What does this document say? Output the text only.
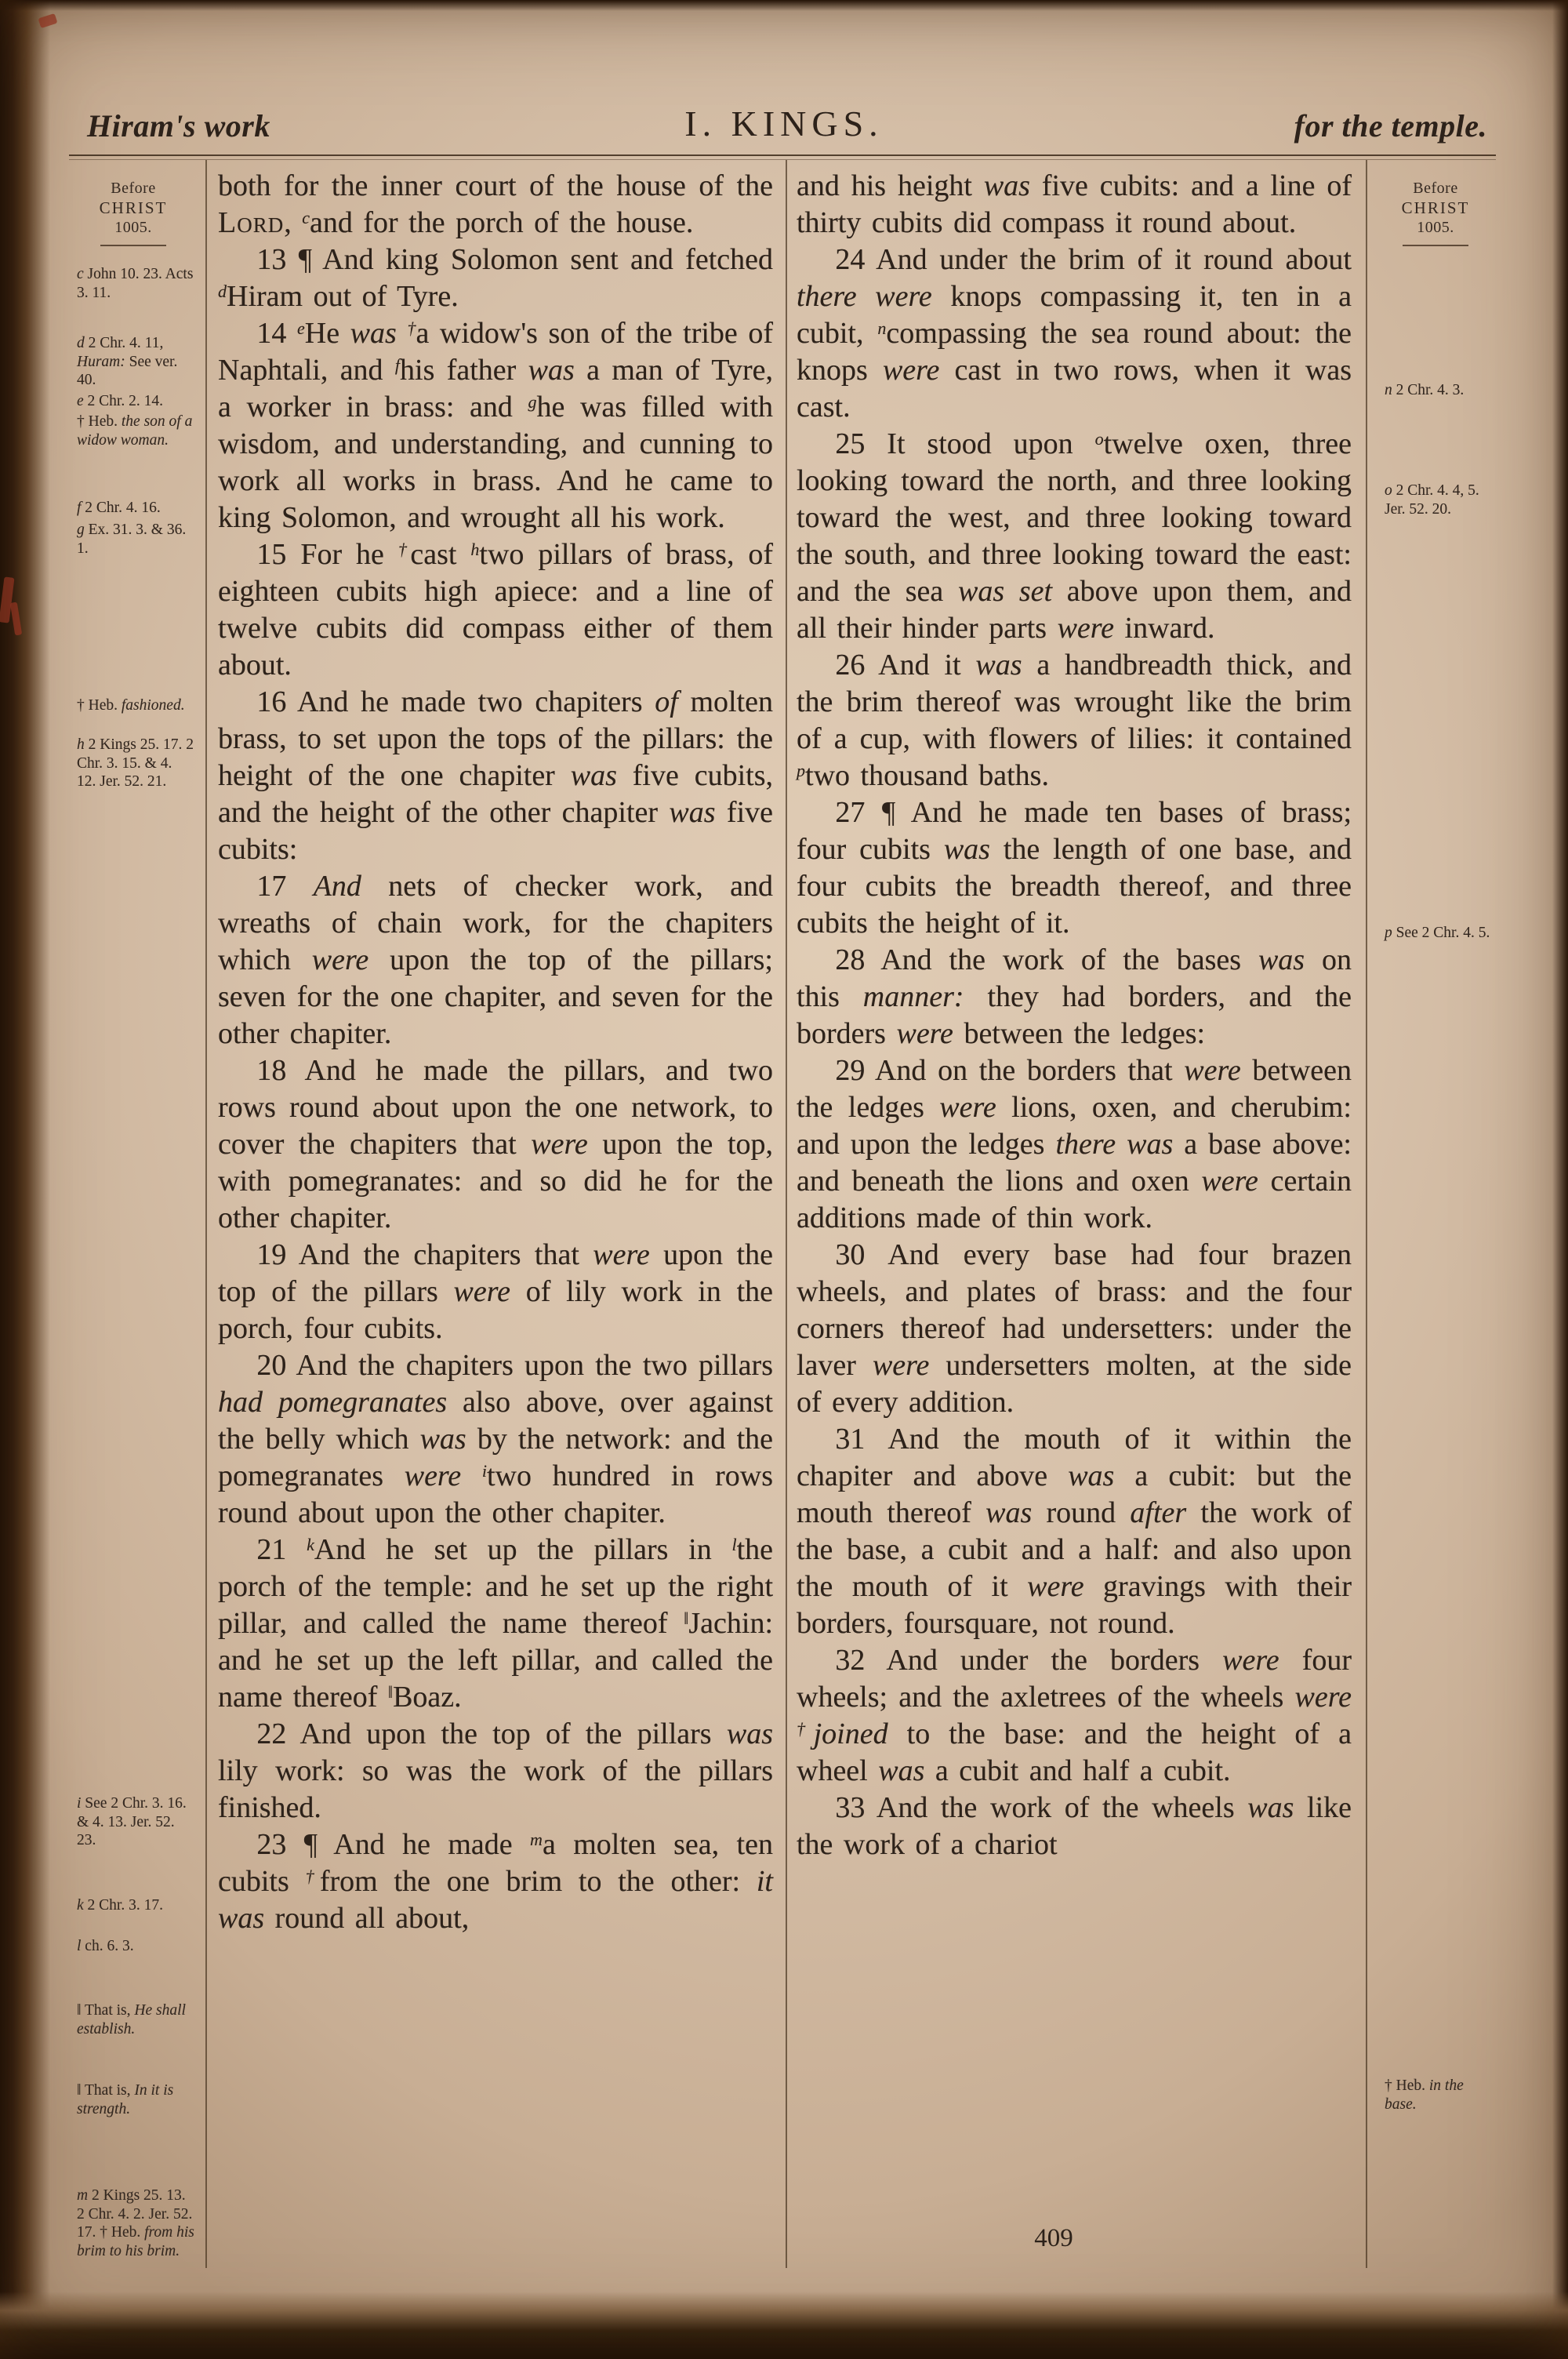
Hiram's work	I. KINGS.	for the temple.
Before
CHRIST
1005.
c John 10. 23. Acts 3. 11.
d 2 Chr. 4. 11, Huram: See ver. 40.
e 2 Chr. 2. 14.
† Heb. the son of a widow woman.
f 2 Chr. 4. 16.
g Ex. 31. 3. & 36. 1.
† Heb. fashioned.
h 2 Kings 25. 17. 2 Chr. 3. 15. & 4. 12. Jer. 52. 21.
i See 2 Chr. 3. 16. & 4. 13. Jer. 52. 23.
k 2 Chr. 3. 17.
l ch. 6. 3.
‖ That is, He shall establish.
‖ That is, In it is strength.
m 2 Kings 25. 13. 2 Chr. 4. 2. Jer. 52. 17. † Heb. from his brim to his brim.

both for the inner court of the house of the Lord, $^c$and for the porch of the house.

13 ¶ And king Solomon sent and fetched $^d$Hiram out of Tyre.

14 $^e$He was †a widow's son of the tribe of Naphtali, and $^f$his father was a man of Tyre, a worker in brass: and $^g$he was filled with wisdom, and understanding, and cunning to work all works in brass. And he came to king Solomon, and wrought all his work.

15 For he †cast $^h$two pillars of brass, of eighteen cubits high apiece: and a line of twelve cubits did compass either of them about.

16 And he made two chapiters of molten brass, to set upon the tops of the pillars: the height of the one chapiter was five cubits, and the height of the other chapiter was five cubits:

17 And nets of checker work, and wreaths of chain work, for the chapiters which were upon the top of the pillars; seven for the one chapiter, and seven for the other chapiter.

18 And he made the pillars, and two rows round about upon the one network, to cover the chapiters that were upon the top, with pomegranates: and so did he for the other chapiter.

19 And the chapiters that were upon the top of the pillars were of lily work in the porch, four cubits.

20 And the chapiters upon the two pillars had pomegranates also above, over against the belly which was by the network: and the pomegranates were $^i$two hundred in rows round about upon the other chapiter.

21 $^k$And he set up the pillars in $^l$the porch of the temple: and he set up the right pillar, and called the name thereof ‖Jachin: and he set up the left pillar, and called the name thereof ‖Boaz.

22 And upon the top of the pillars was lily work: so was the work of the pillars finished.

23 ¶ And he made $^m$a molten sea, ten cubits †from the one brim to the other: it was round all about,

and his height was five cubits: and a line of thirty cubits did compass it round about.

24 And under the brim of it round about there were knops compassing it, ten in a cubit, $^n$compassing the sea round about: the knops were cast in two rows, when it was cast.

25 It stood upon $^o$twelve oxen, three looking toward the north, and three looking toward the west, and three looking toward the south, and three looking toward the east: and the sea was set above upon them, and all their hinder parts were inward.

26 And it was a handbreadth thick, and the brim thereof was wrought like the brim of a cup, with flowers of lilies: it contained $^p$two thousand baths.

27 ¶ And he made ten bases of brass; four cubits was the length of one base, and four cubits the breadth thereof, and three cubits the height of it.

28 And the work of the bases was on this manner: they had borders, and the borders were between the ledges:

29 And on the borders that were between the ledges were lions, oxen, and cherubim: and upon the ledges there was a base above: and beneath the lions and oxen were certain additions made of thin work.

30 And every base had four brazen wheels, and plates of brass: and the four corners thereof had undersetters: under the laver were undersetters molten, at the side of every addition.

31 And the mouth of it within the chapiter and above was a cubit: but the mouth thereof was round after the work of the base, a cubit and a half: and also upon the mouth of it were gravings with their borders, foursquare, not round.

32 And under the borders were four wheels; and the axletrees of the wheels were †joined to the base: and the height of a wheel was a cubit and half a cubit.

33 And the work of the wheels was like the work of a chariot

Before
CHRIST
1005.
n 2 Chr. 4. 3.
o 2 Chr. 4. 4, 5. Jer. 52. 20.
p See 2 Chr. 4. 5.
† Heb. in the base.
409
